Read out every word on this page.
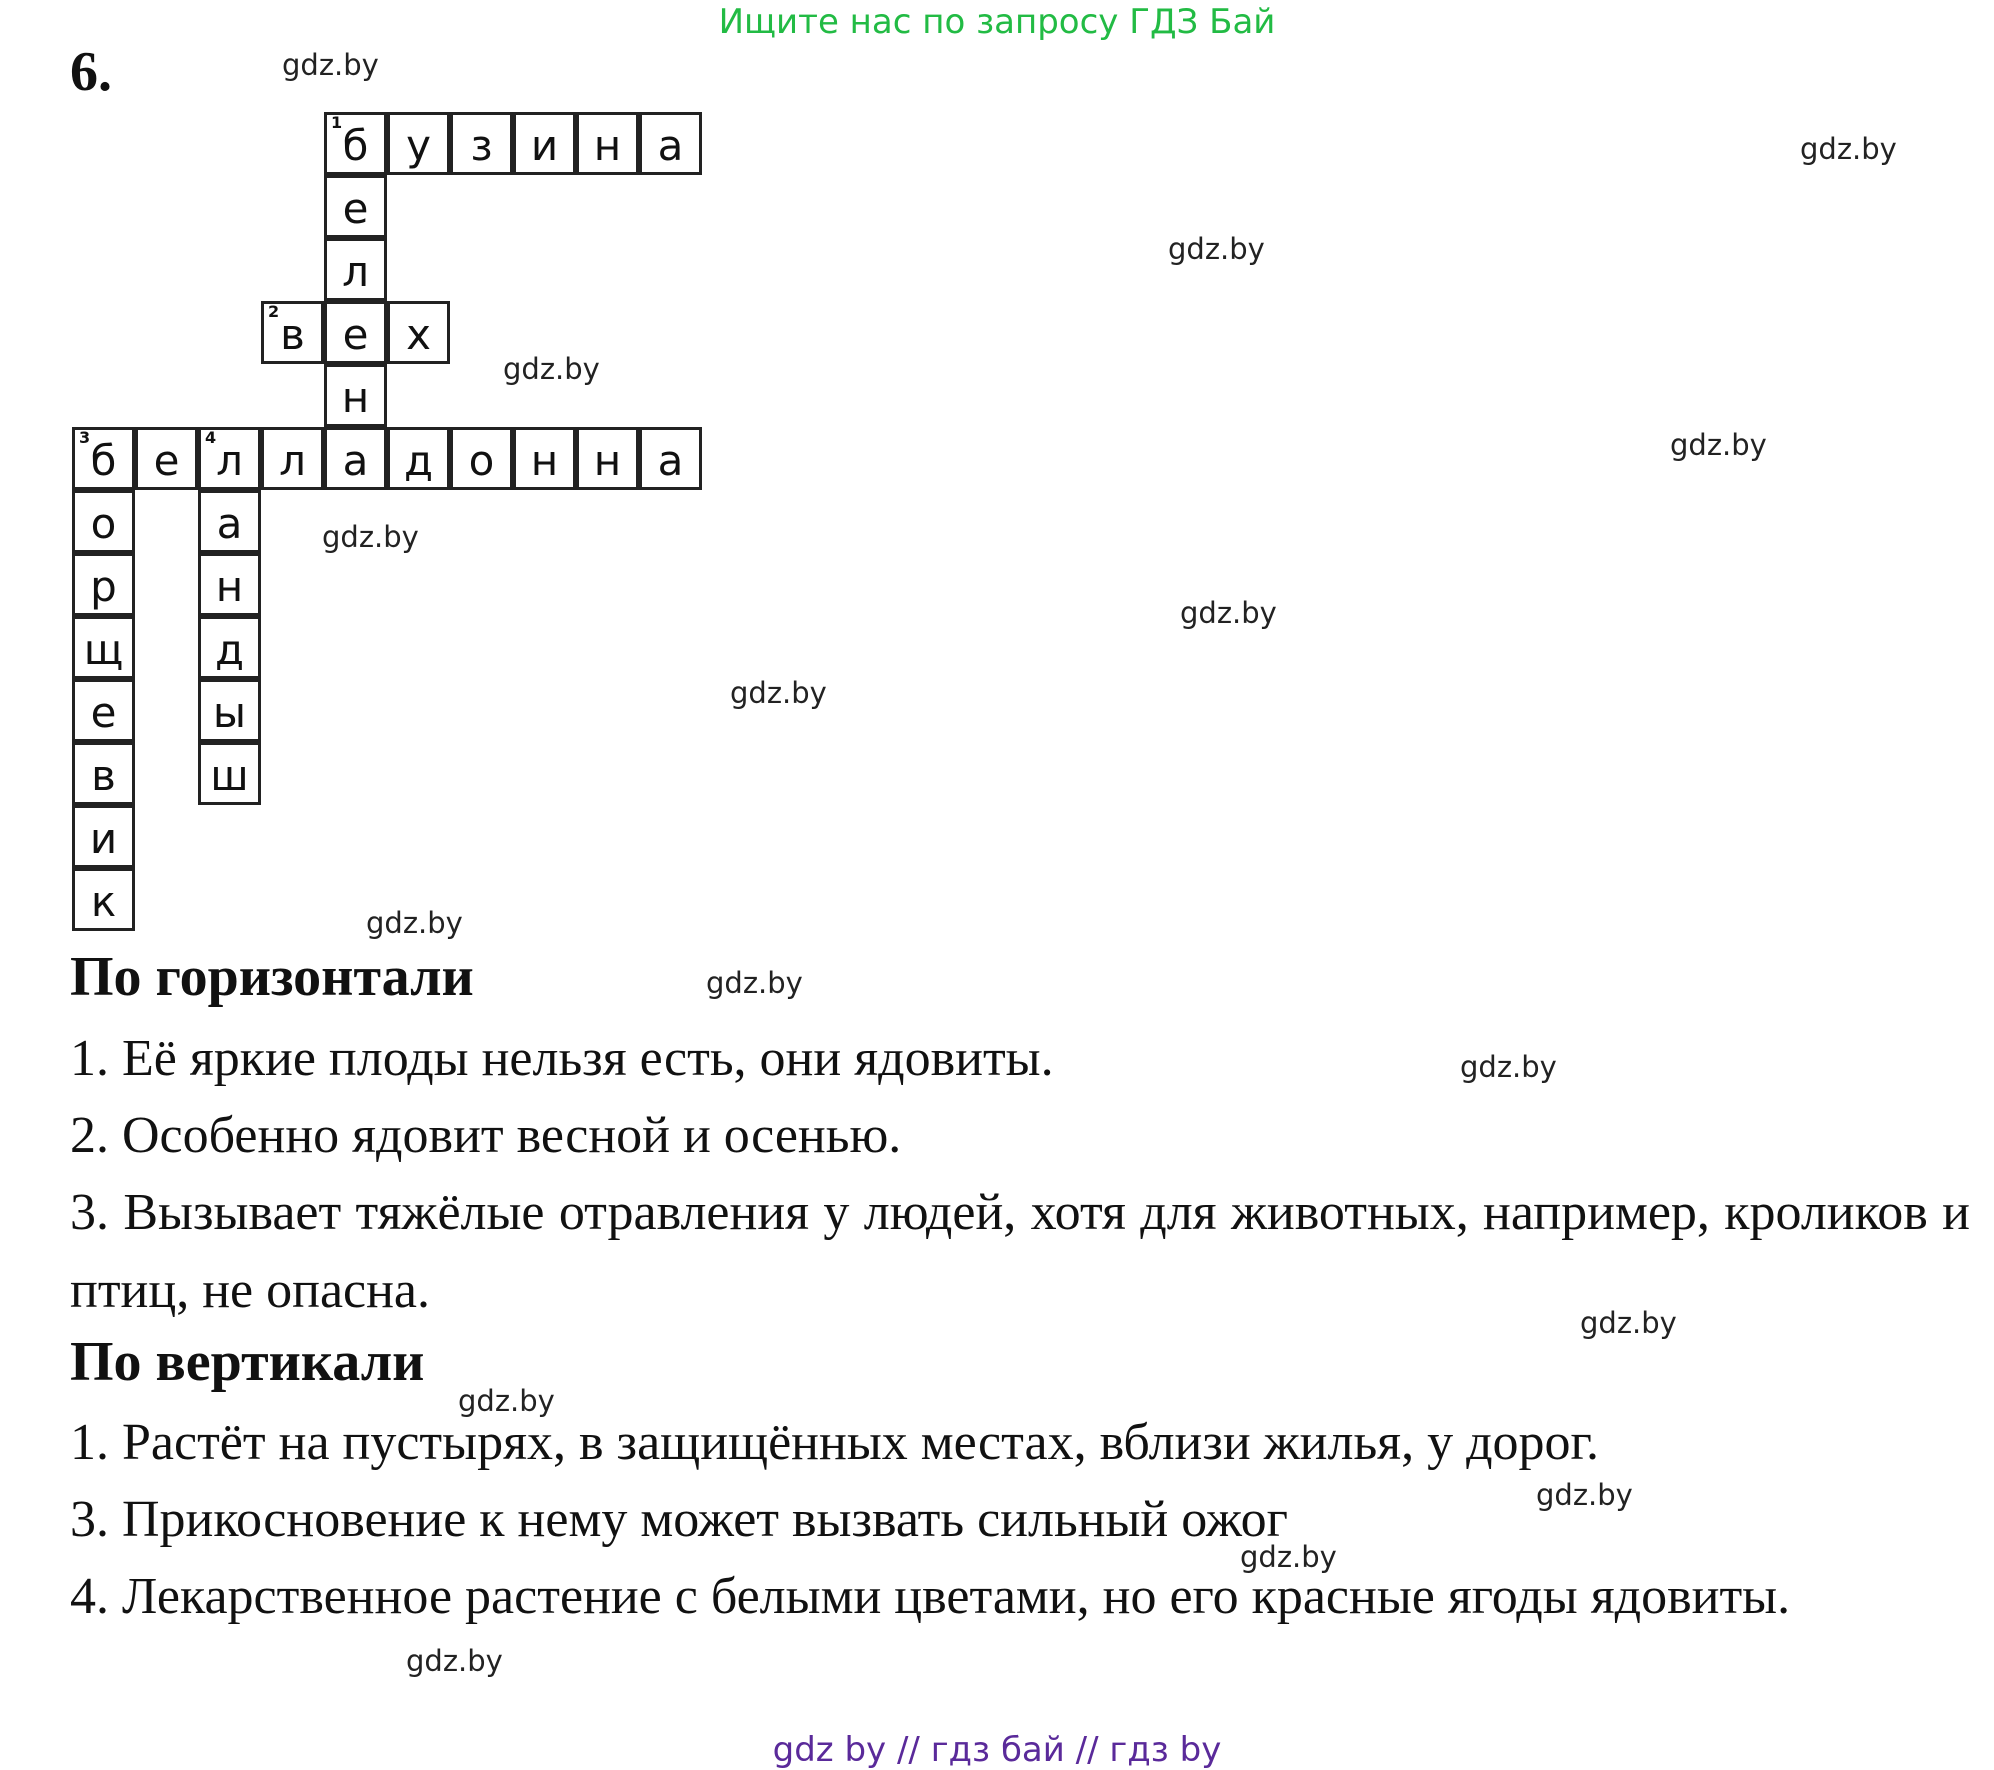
Ищите нас по запросу ГДЗ Бай
6.
1 б у з и н а
е
л
2 в е х
н
3 б е 4 л л а д о н н а
о а
р н
щ д
е ы
в ш
и
к
gdz.by
gdz.by
gdz.by
gdz.by
gdz.by
gdz.by
gdz.by
gdz.by
gdz.by
gdz.by
gdz.by
gdz.by
gdz.by
gdz.by
gdz.by
gdz.by
По горизонтали
1. Её яркие плоды нельзя есть, они ядовиты.
2. Особенно ядовит весной и осенью.
3. Вызывает тяжёлые отравления у людей, хотя для животных, например, кроликов и птиц, не опасна.
По вертикали
1. Растёт на пустырях, в защищённых местах, вблизи жилья, у дорог.
3. Прикосновение к нему может вызвать сильный ожог
4. Лекарственное растение с белыми цветами, но его красные ягоды ядовиты.
gdz by // гдз бай // гдз by
